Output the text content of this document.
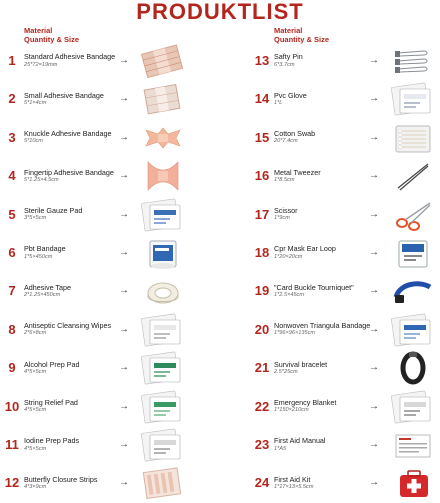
PRODUKTLIST
Material
Quantity & Size
Material
Quantity & Size
1	Standard Adhesive Bandage
25*72=19mm	→
2	Small Adhesive Bandage
5*1×4cm	→
3	Knuckle Adhesive Bandage
5*10cm	→
4	Fingertip Adhesive Bandage
5*1.25×4.5cm	→
5	Sterile Gauze Pad
3*5×5cm	→
6	Pbt Bandage
1*5×450cm	→
7	Adhesive Tape
2*1.25×450cm	→
8	Antiseptic Cleansing Wipes
2*6×8cm	→
9	Alcohol Prep Pad
4*5×5cm	→
10 String Relief Pad
4*5×5cm	→
11 Iodine Prep Pads
4*5×5cm	→
12 Butterfly Closure Strips
4*3×9cm	→
13 Safty Pin
6*3.7cm	→
14 Pvc Glove
1*L	→
15 Cotton Swab
20*7.4cm	→
16 Metal Tweezer
1*8.5cm	→
17 Scissor
1*9cm	→
18 Cpr Mask Ear Loop
1*20×20cm	→
19 "Card Buckle Tourniquet"
1*2.5×45cm	→
20 Nonwoven Triangula Bandage
1*96×96×135cm	→
21 Survival bracelet
2.5*25cm	→
22 Emergency Blanket
1*150×210cm	→
23 First Aid Manual
1*A5	→
24 First Aid Kit
1*17×13×5.5cm	→
